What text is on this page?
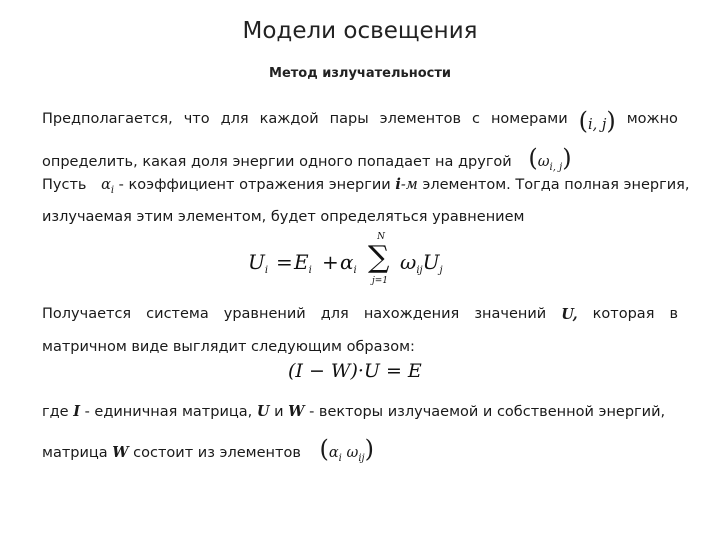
Модели освещения
Метод излучательности
Предполагается, что для каждой пары элементов с номерами (i, j) можно
определить, какая доля энергии одного попадает на другой $(\omega_{i, j})$
Пусть $\alpha_i$ - коэффициент отражения энергии i-м элементом. Тогда полная энергия,
излучаемая этим элементом, будет определяться уравнением
$U_i = E_i + \alpha_i$
N
∑
j=1
$\omega_{ij}U_j$
Получается система уравнений для нахождения значений U, которая в
матричном виде выглядит следующим образом:
(I − W)·U = E
где I - единичная матрица, U и W - векторы излучаемой и собственной энергий,
матрица W состоит из элементов ($\alpha_i$ $\omega_{ij}$)
